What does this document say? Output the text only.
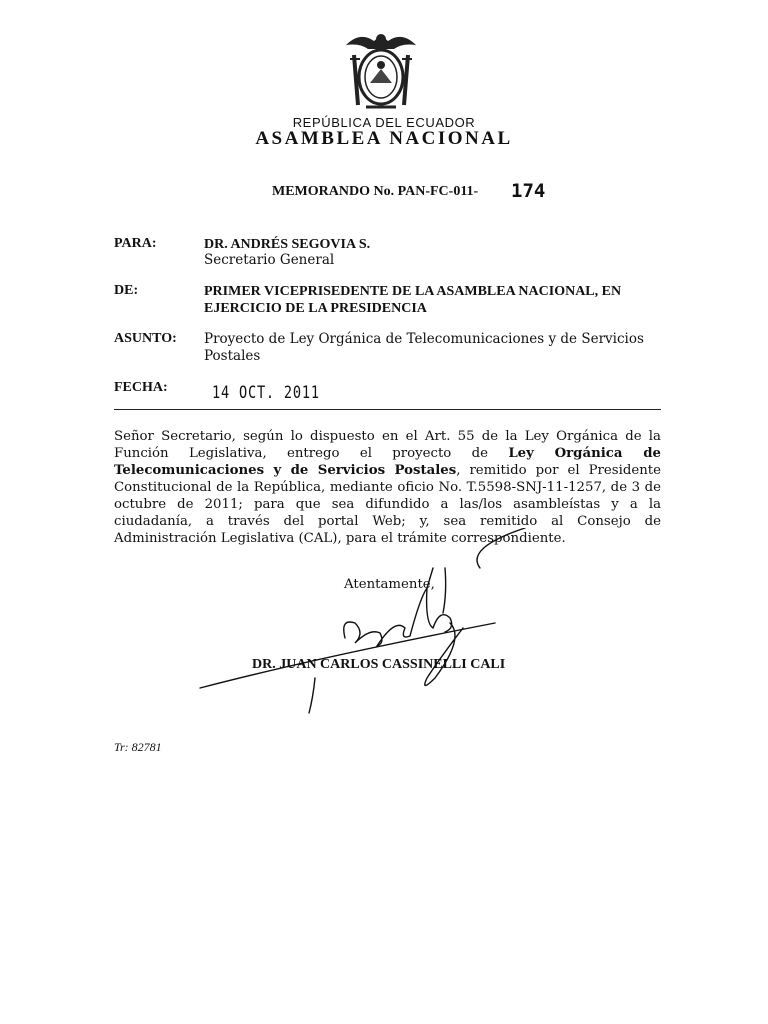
REPÚBLICA DEL ECUADOR
ASAMBLEA NACIONAL
MEMORANDO No. PAN-FC-011- 174
PARA:	DR. ANDRÉS SEGOVIA S.
Secretario General
DE:	PRIMER VICEPRISEDENTE DE LA ASAMBLEA NACIONAL, EN EJERCICIO DE LA PRESIDENCIA
ASUNTO: Proyecto de Ley Orgánica de Telecomunicaciones y de Servicios Postales
FECHA:	14 OCT. 2011
Señor Secretario, según lo dispuesto en el Art. 55 de la Ley Orgánica de la Función Legislativa, entrego el proyecto de Ley Orgánica de Telecomunicaciones y de Servicios Postales, remitido por el Presidente Constitucional de la República, mediante oficio No. T.5598-SNJ-11-1257, de 3 de octubre de 2011; para que sea difundido a las/los asambleístas y a la ciudadanía, a través del portal Web; y, sea remitido al Consejo de Administración Legislativa (CAL), para el trámite correspondiente.
Atentamente,
DR. JUAN CARLOS CASSINELLI CALI
Tr: 82781
